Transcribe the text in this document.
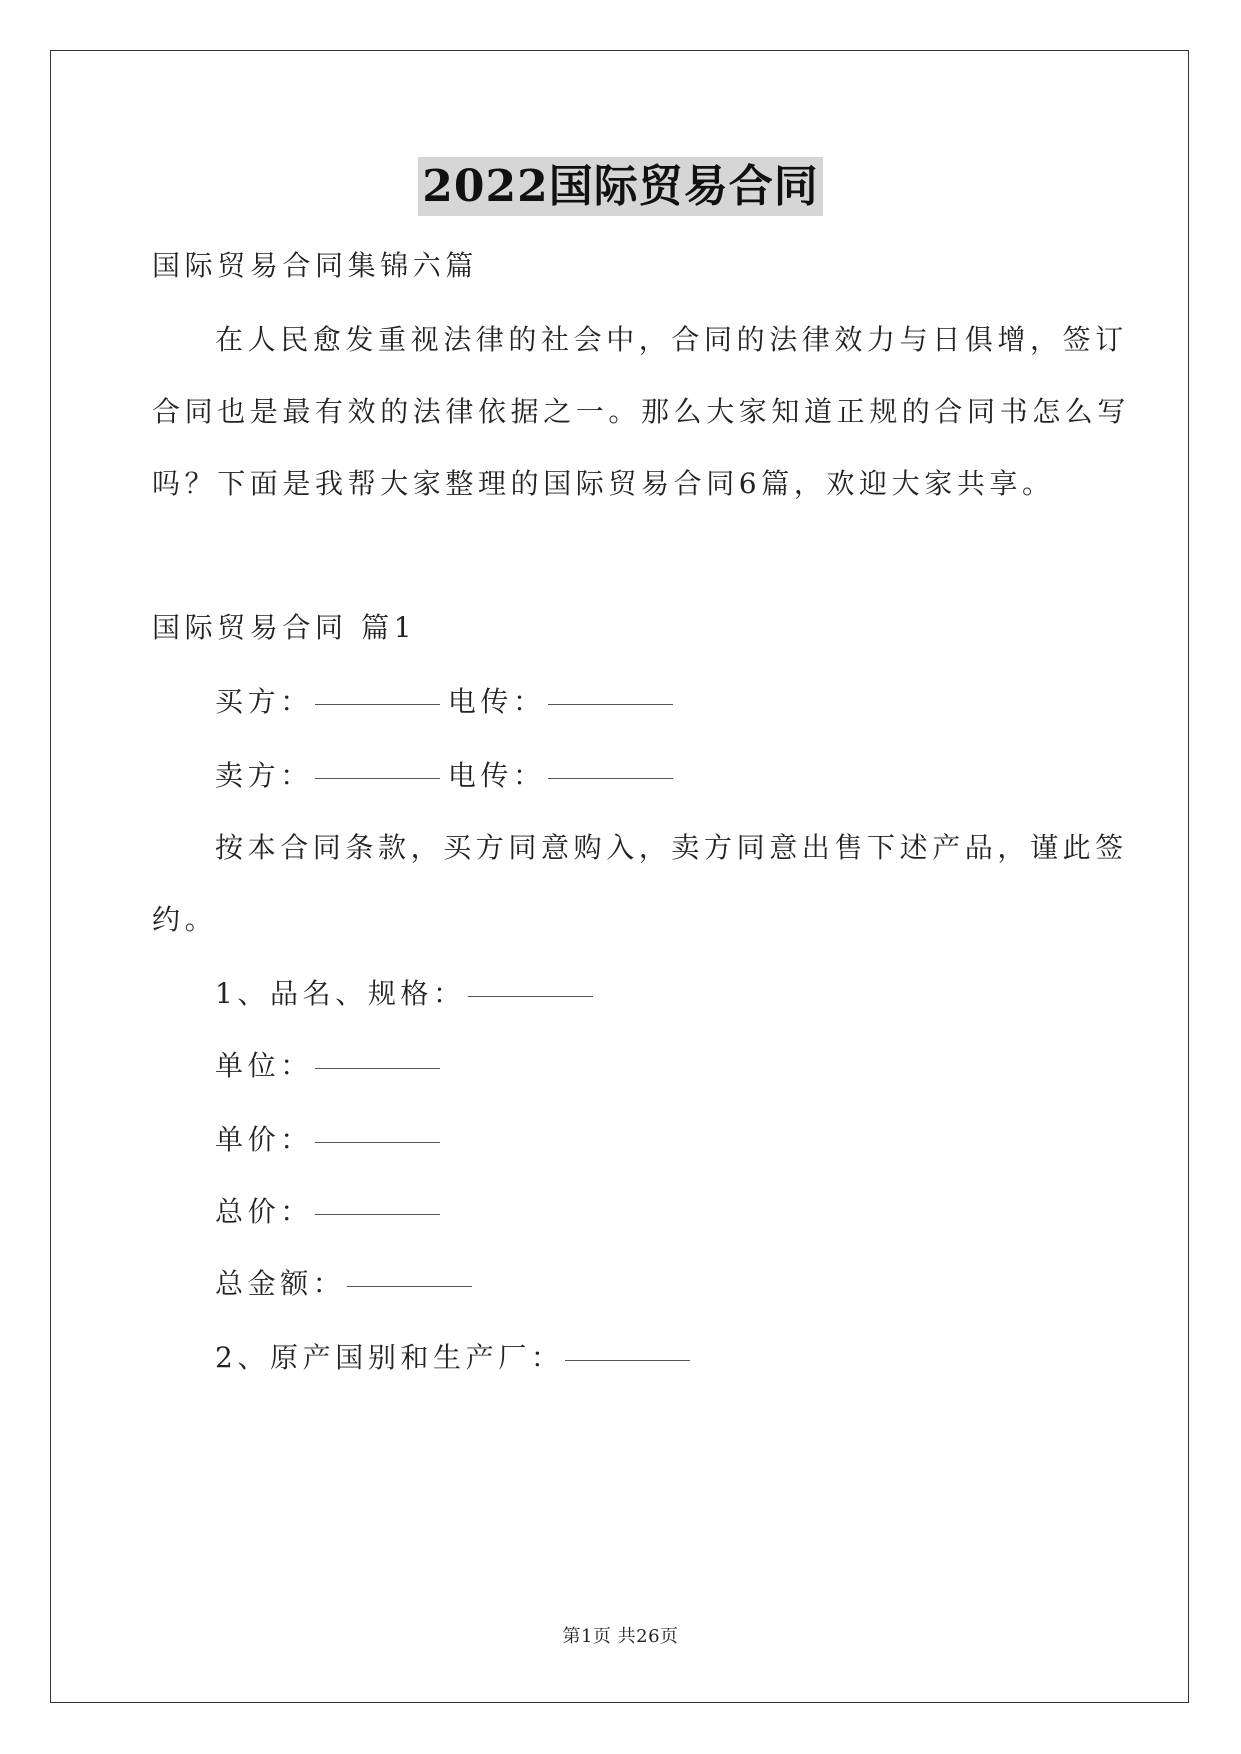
2022国际贸易合同
国际贸易合同集锦六篇
在人民愈发重视法律的社会中，合同的法律效力与日俱增，签订
合同也是最有效的法律依据之一。那么大家知道正规的合同书怎么写
吗？下面是我帮大家整理的国际贸易合同6篇，欢迎大家共享。
国际贸易合同 篇1
买方：	电传：
卖方：	电传：
按本合同条款，买方同意购入，卖方同意出售下述产品，谨此签
约。
1、品名、规格：
单位：
单价：
总价：
总金额：
2、原产国别和生产厂：
第1页 共26页
